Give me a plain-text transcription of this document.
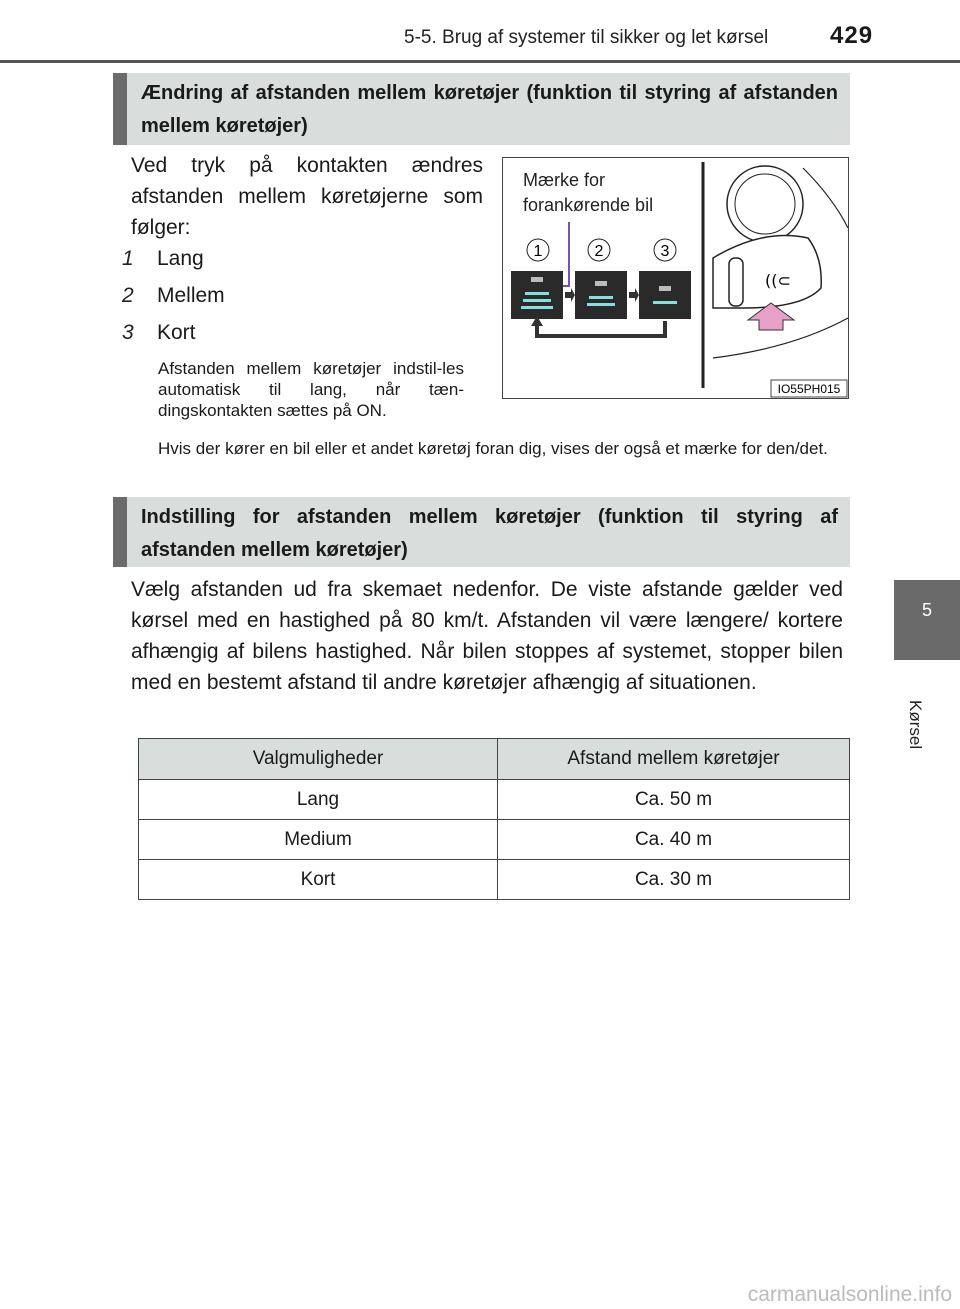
5-5. Brug af systemer til sikker og let kørsel	429
5
Kørsel
Ændring af afstanden mellem køretøjer (funktion til styring af afstanden mellem køretøjer)
Ved tryk på kontakten ændres afstanden mellem køretøjerne som følger:
1 Lang
2 Mellem
3 Kort
Afstanden mellem køretøjer indstil-les automatisk til lang, når tæn-dingskontakten sættes på ON.
Hvis der kører en bil eller et andet køretøj foran dig, vises der også et mærke for den/det.
((⊂
Mærke for
forankørende bil
1	2	3
IO55PH015
Indstilling for afstanden mellem køretøjer (funktion til styring af afstanden mellem køretøjer)
Vælg afstanden ud fra skemaet nedenfor. De viste afstande gælder ved kørsel med en hastighed på 80 km/t. Afstanden vil være længere/ kortere afhængig af bilens hastighed. Når bilen stoppes af systemet, stopper bilen med en bestemt afstand til andre køretøjer afhængig af situationen.
Valgmuligheder	Afstand mellem køretøjer
Lang	Ca. 50 m
Medium	Ca. 40 m
Kort	Ca. 30 m
carmanualsonline.info
